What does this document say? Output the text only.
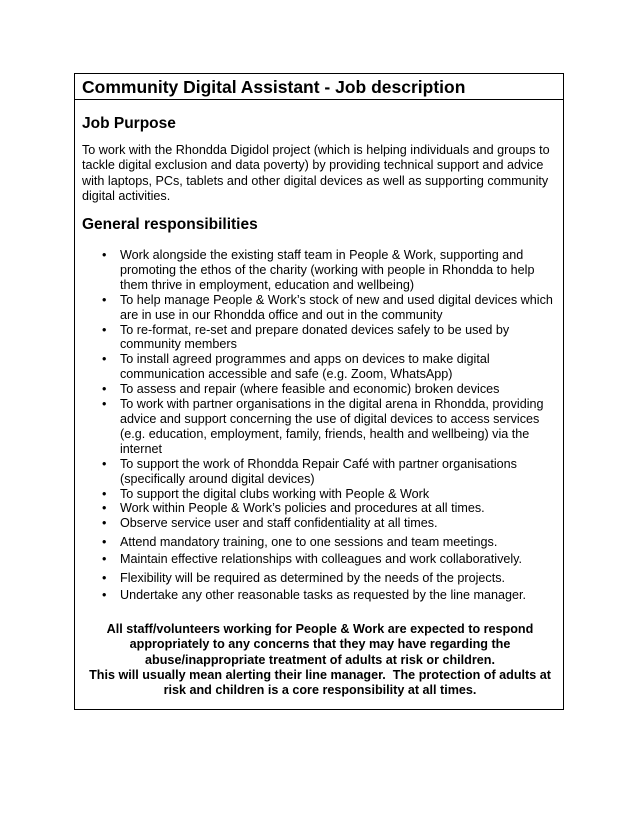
Community Digital Assistant - Job description
Job Purpose
To work with the Rhondda Digidol project (which is helping individuals and groups to tackle digital exclusion and data poverty) by providing technical support and advice with laptops, PCs, tablets and other digital devices as well as supporting community digital activities.
General responsibilities
• Work alongside the existing staff team in People & Work, supporting and promoting the ethos of the charity (working with people in Rhondda to help them thrive in employment, education and wellbeing)
• To help manage People & Work’s stock of new and used digital devices which are in use in our Rhondda office and out in the community
• To re-format, re-set and prepare donated devices safely to be used by community members
• To install agreed programmes and apps on devices to make digital communication accessible and safe (e.g. Zoom, WhatsApp)
• To assess and repair (where feasible and economic) broken devices
• To work with partner organisations in the digital arena in Rhondda, providing advice and support concerning the use of digital devices to access services (e.g. education, employment, family, friends, health and wellbeing) via the internet
• To support the work of Rhondda Repair Café with partner organisations (specifically around digital devices)
• To support the digital clubs working with People & Work
• Work within People & Work’s policies and procedures at all times.
• Observe service user and staff confidentiality at all times.
• Attend mandatory training, one to one sessions and team meetings.
• Maintain effective relationships with colleagues and work collaboratively.
• Flexibility will be required as determined by the needs of the projects.
• Undertake any other reasonable tasks as requested by the line manager.
All staff/volunteers working for People & Work are expected to respond
appropriately to any concerns that they may have regarding the
abuse/inappropriate treatment of adults at risk or children.
This will usually mean alerting their line manager.  The protection of adults at
risk and children is a core responsibility at all times.
